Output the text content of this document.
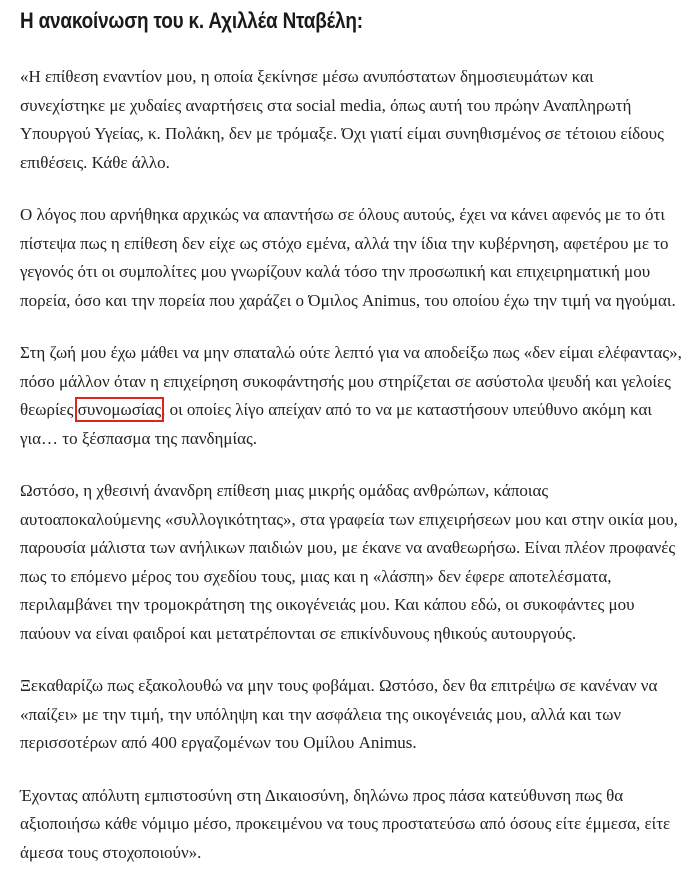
Η ανακοίνωση του κ. Αχιλλέα Νταβέλη:

«Η επίθεση εναντίον μου, η οποία ξεκίνησε μέσω ανυπόστατων δημοσιευμάτων και συνεχίστηκε με χυδαίες αναρτήσεις στα social media, όπως αυτή του πρώην Αναπληρωτή Υπουργού Υγείας, κ. Πολάκη, δεν με τρόμαξε. Όχι γιατί είμαι συνηθισμένος σε τέτοιου είδους επιθέσεις. Κάθε άλλο.

Ο λόγος που αρνήθηκα αρχικώς να απαντήσω σε όλους αυτούς, έχει να κάνει αφενός με το ότι πίστεψα πως η επίθεση δεν είχε ως στόχο εμένα, αλλά την ίδια την κυβέρνηση, αφετέρου με το γεγονός ότι οι συμπολίτες μου γνωρίζουν καλά τόσο την προσωπική και επιχειρηματική μου πορεία, όσο και την πορεία που χαράζει ο Όμιλος Animus, του οποίου έχω την τιμή να ηγούμαι.

Στη ζωή μου έχω μάθει να μην σπαταλώ ούτε λεπτό για να αποδείξω πως «δεν είμαι ελέφαντας», πόσο μάλλον όταν η επιχείρηση συκοφάντησής μου στηρίζεται σε ασύστολα ψευδή και γελοίες θεωρίες συνομωσίας, οι οποίες λίγο απείχαν από το να με καταστήσουν υπεύθυνο ακόμη και για… το ξέσπασμα της πανδημίας.

Ωστόσο, η χθεσινή άνανδρη επίθεση μιας μικρής ομάδας ανθρώπων, κάποιας αυτοαποκαλούμενης «συλλογικότητας», στα γραφεία των επιχειρήσεων μου και στην οικία μου, παρουσία μάλιστα των ανήλικων παιδιών μου, με έκανε να αναθεωρήσω. Είναι πλέον προφανές πως το επόμενο μέρος του σχεδίου τους, μιας και η «λάσπη» δεν έφερε αποτελέσματα, περιλαμβάνει την τρομοκράτηση της οικογένειάς μου. Και κάπου εδώ, οι συκοφάντες μου παύουν να είναι φαιδροί και μετατρέπονται σε επικίνδυνους ηθικούς αυτουργούς.

Ξεκαθαρίζω πως εξακολουθώ να μην τους φοβάμαι. Ωστόσο, δεν θα επιτρέψω σε κανέναν να «παίζει» με την τιμή, την υπόληψη και την ασφάλεια της οικογένειάς μου, αλλά και των περισσοτέρων από 400 εργαζομένων του Ομίλου Animus.

Έχοντας απόλυτη εμπιστοσύνη στη Δικαιοσύνη, δηλώνω προς πάσα κατεύθυνση πως θα αξιοποιήσω κάθε νόμιμο μέσο, προκειμένου να τους προστατεύσω από όσους είτε έμμεσα, είτε άμεσα τους στοχοποιούν».
